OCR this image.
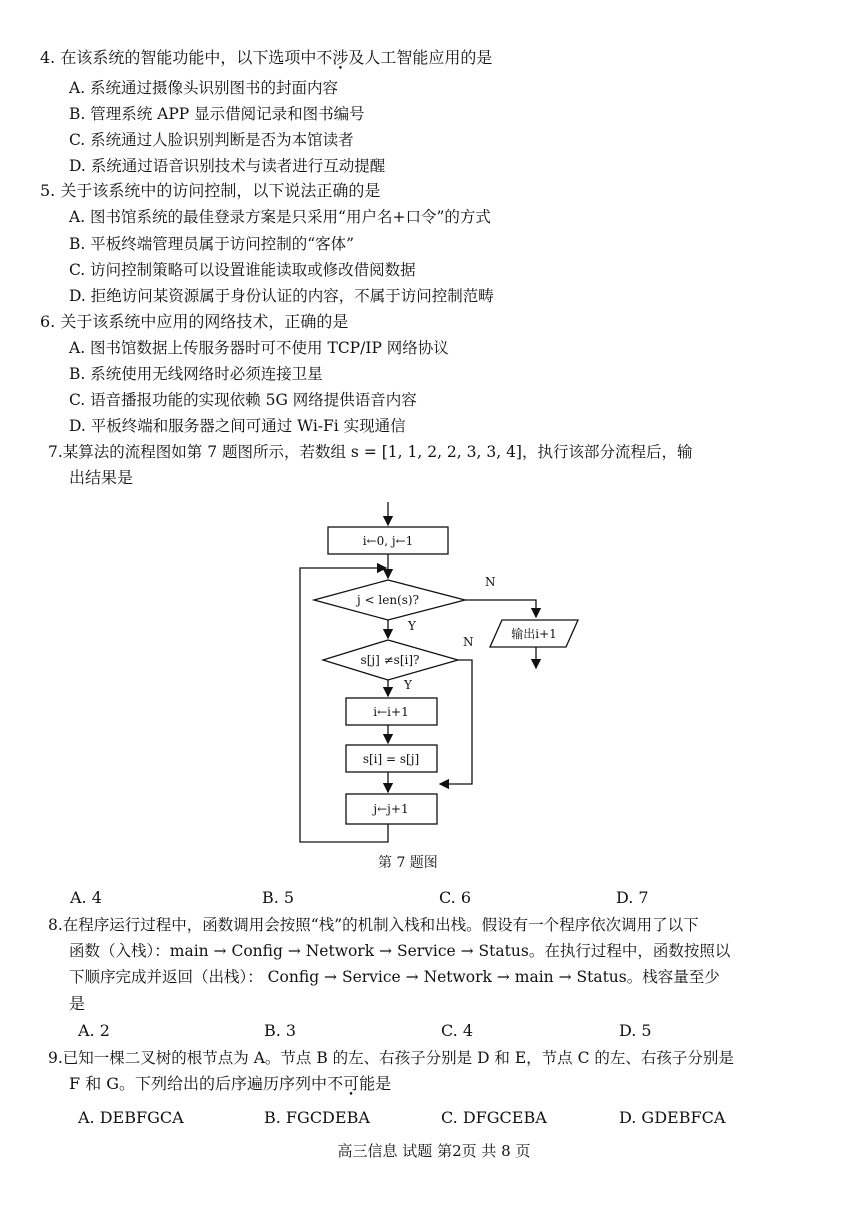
4. 在该系统的智能功能中，以下选项中不涉及人工智能应用的是
A. 系统通过摄像头识别图书的封面内容
B. 管理系统 APP 显示借阅记录和图书编号
C. 系统通过人脸识别判断是否为本馆读者
D. 系统通过语音识别技术与读者进行互动提醒
5. 关于该系统中的访问控制，以下说法正确的是
A. 图书馆系统的最佳登录方案是只采用“用户名+口令”的方式
B. 平板终端管理员属于访问控制的“客体”
C. 访问控制策略可以设置谁能读取或修改借阅数据
D. 拒绝访问某资源属于身份认证的内容，不属于访问控制范畴
6. 关于该系统中应用的网络技术，正确的是
A. 图书馆数据上传服务器时可不使用 TCP/IP 网络协议
B. 系统使用无线网络时必须连接卫星
C. 语音播报功能的实现依赖 5G 网络提供语音内容
D. 平板终端和服务器之间可通过 Wi-Fi 实现通信
7.某算法的流程图如第 7 题图所示，若数组 s = [1, 1, 2, 2, 3, 3, 4]，执行该部分流程后，输
出结果是
i←0, j←1
j < len(s)?
N
Y
输出i+1
s[j] ≠s[i]?
N
Y
i←i+1
s[i] = s[j]
j←j+1
第 7 题图
A. 4	B. 5	C. 6	D. 7
8.在程序运行过程中，函数调用会按照“栈”的机制入栈和出栈。假设有一个程序依次调用了以下
函数（入栈）：main → Config → Network → Service → Status。在执行过程中，函数按照以
下顺序完成并返回（出栈）： Config → Service → Network → main → Status。栈容量至少
是
A. 2	B. 3	C. 4	D. 5
9.已知一棵二叉树的根节点为 A。节点 B 的左、右孩子分别是 D 和 E，节点 C 的左、右孩子分别是
F 和 G。下列给出的后序遍历序列中不可能是
A. DEBFGCA	B. FGCDEBA	C. DFGCEBA	D. GDEBFCA
高三信息 试题 第2页 共 8 页
